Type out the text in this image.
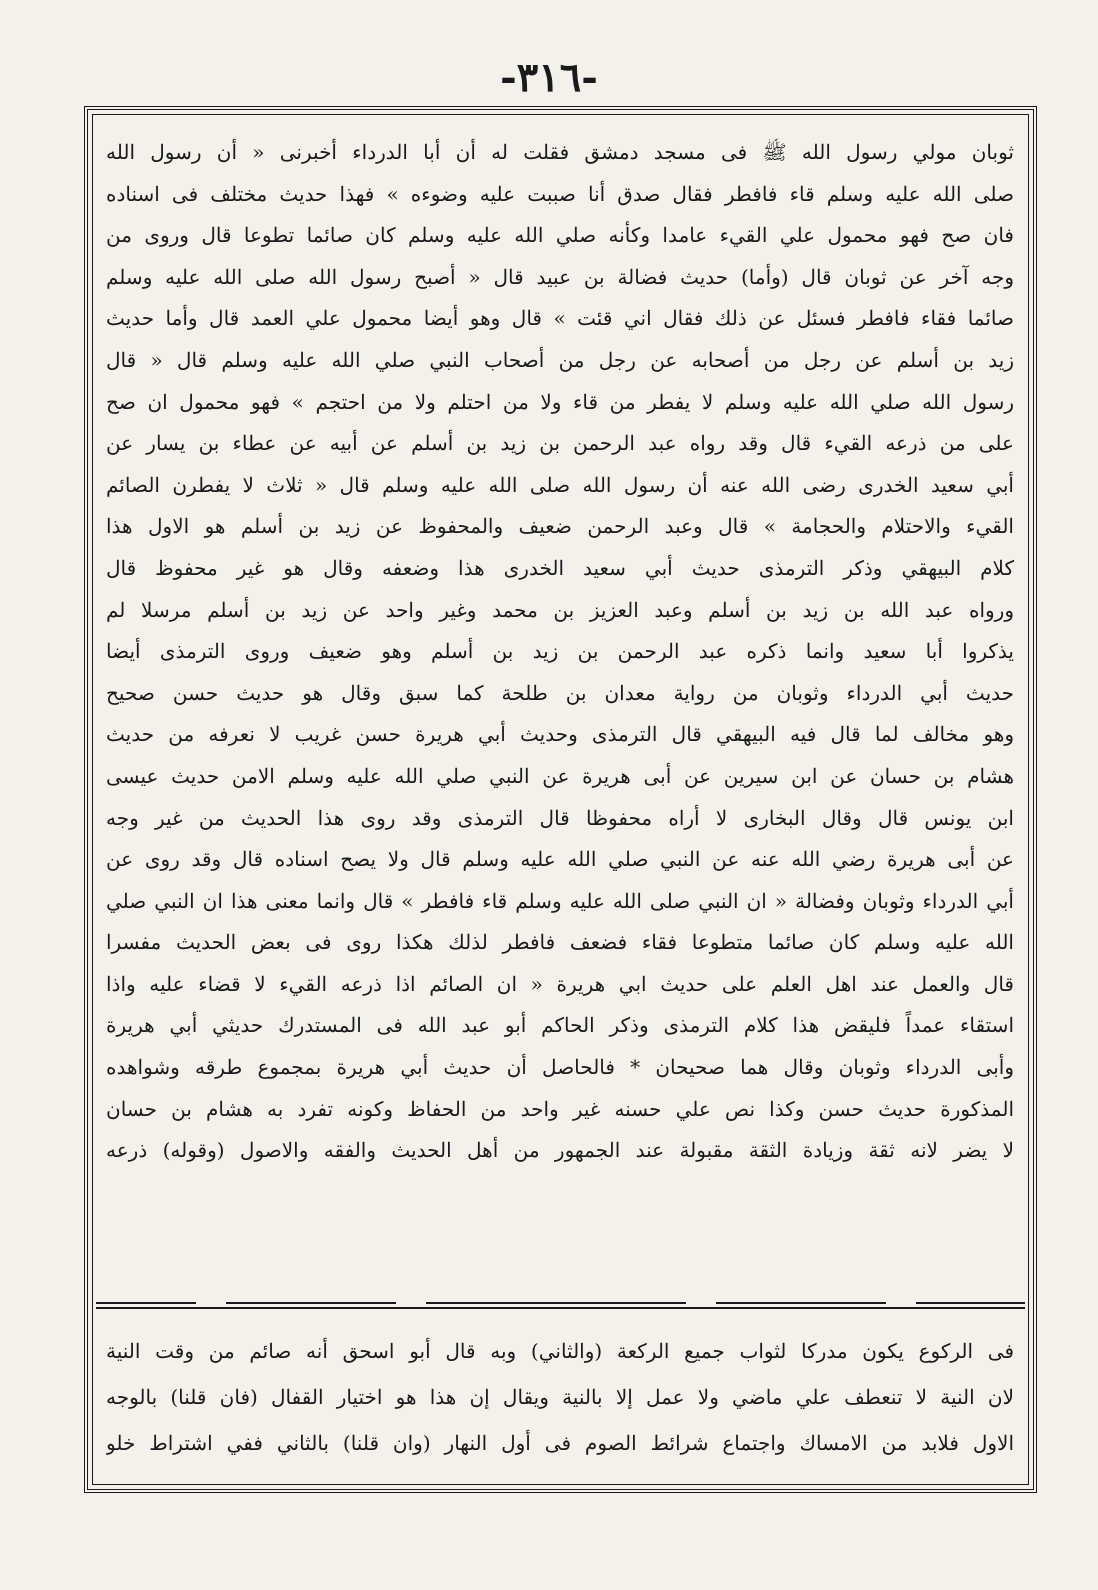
-٣١٦-
ثوبان مولي رسول الله ﷺ فی مسجد دمشق فقلت له أن أبا الدرداء أخبرنی « أن رسول الله
صلى الله عليه وسلم قاء فافطر فقال صدق أنا صببت عليه وضوءه » فهذا حديث مختلف فى اسناده
فان صح فهو محمول علي القيء عامدا وكأنه صلي الله عليه وسلم كان صائما تطوعا قال وروى من
وجه آخر عن ثوبان قال (وأما) حديث فضالة بن عبيد قال « أصبح رسول الله صلى الله عليه وسلم
صائما فقاء فافطر فسئل عن ذلك فقال اني قئت » قال وهو أيضا محمول علي العمد قال وأما حديث
زيد بن أسلم عن رجل من أصحابه عن رجل من أصحاب النبي صلي الله عليه وسلم قال « قال
رسول الله صلي الله عليه وسلم لا يفطر من قاء ولا من احتلم ولا من احتجم » فهو محمول ان صح
على من ذرعه القيء قال وقد رواه عبد الرحمن بن زيد بن أسلم عن أبيه عن عطاء بن يسار عن
أبي سعيد الخدرى رضى الله عنه أن رسول الله صلى الله عليه وسلم قال « ثلاث لا يفطرن الصائم
القيء والاحتلام والحجامة » قال وعبد الرحمن ضعيف والمحفوظ عن زيد بن أسلم هو الاول هذا
كلام البيهقي وذكر الترمذى حديث أبي سعيد الخدرى هذا وضعفه وقال هو غير محفوظ قال
ورواه عبد الله بن زيد بن أسلم وعبد العزيز بن محمد وغير واحد عن زيد بن أسلم مرسلا لم
يذكروا أبا سعيد وانما ذكره عبد الرحمن بن زيد بن أسلم وهو ضعيف وروى الترمذى أيضا
حديث أبي الدرداء وثوبان من رواية معدان بن طلحة كما سبق وقال هو حديث حسن صحيح
وهو مخالف لما قال فيه البيهقي قال الترمذى وحديث أبي هريرة حسن غريب لا نعرفه من حديث
هشام بن حسان عن ابن سيرين عن أبى هريرة عن النبي صلي الله عليه وسلم الامن حديث عيسى
ابن يونس قال وقال البخارى لا أراه محفوظا قال الترمذى وقد روى هذا الحديث من غير وجه
عن أبى هريرة رضي الله عنه عن النبي صلي الله عليه وسلم قال ولا يصح اسناده قال وقد روى عن
أبي الدرداء وثوبان وفضالة « ان النبي صلى الله عليه وسلم قاء فافطر » قال وانما معنى هذا ان النبي صلي
الله عليه وسلم كان صائما متطوعا فقاء فضعف فافطر لذلك هكذا روى فى بعض الحديث مفسرا
قال والعمل عند اهل العلم على حديث ابي هريرة « ان الصائم اذا ذرعه القيء لا قضاء عليه واذا
استقاء عمداً فليقض هذا كلام الترمذى وذكر الحاكم أبو عبد الله فى المستدرك حديثي أبي هريرة
وأبى الدرداء وثوبان وقال هما صحيحان * فالحاصل أن حديث أبي هريرة بمجموع طرقه وشواهده
المذكورة حديث حسن وكذا نص علي حسنه غير واحد من الحفاظ وكونه تفرد به هشام بن حسان
لا يضر لانه ثقة وزيادة الثقة مقبولة عند الجمهور من أهل الحديث والفقه والاصول (وقوله) ذرعه
فى الركوع يكون مدركا لثواب جميع الركعة (والثاني) وبه قال أبو اسحق أنه صائم من وقت النية
لان النية لا تنعطف علي ماضي ولا عمل إلا بالنية ويقال إن هذا هو اختيار القفال (فان قلنا) بالوجه
الاول فلابد من الامساك واجتماع شرائط الصوم فى أول النهار (وان قلنا) بالثاني ففي اشتراط خلو
